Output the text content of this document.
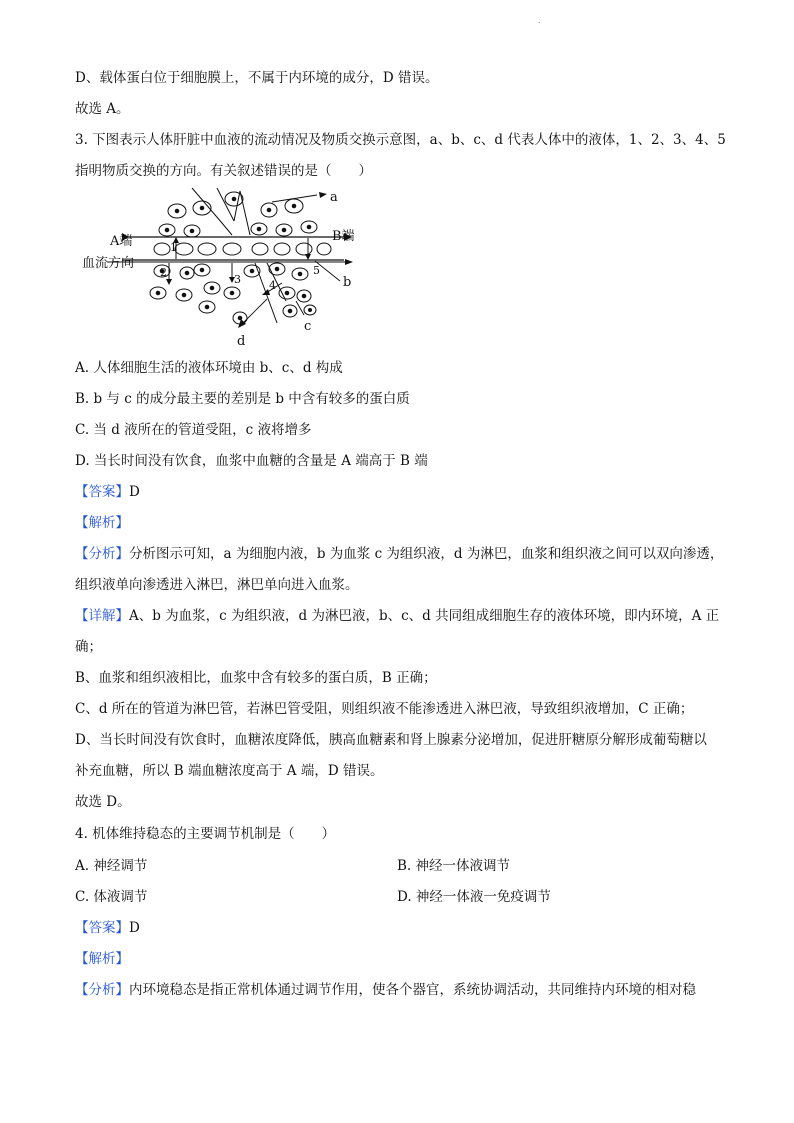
.

D、载体蛋白位于细胞膜上，不属于内环境的成分，D 错误。

故选 A。

3. 下图表示人体肝脏中血液的流动情况及物质交换示意图，a、b、c、d 代表人体中的液体，1、2、3、4、5

指明物质交换的方向。有关叙述错误的是（　　）

A端	B端
血流方向
a
b
c
d
1
2
3	4
5

A. 人体细胞生活的液体环境由 b、c、d 构成

B. b 与 c 的成分最主要的差别是 b 中含有较多的蛋白质

C. 当 d 液所在的管道受阻，c 液将增多

D. 当长时间没有饮食，血浆中血糖的含量是 A 端高于 B 端

【答案】D

【解析】

【分析】分析图示可知，a 为细胞内液，b 为血浆 c 为组织液，d 为淋巴，血浆和组织液之间可以双向渗透，

组织液单向渗透进入淋巴，淋巴单向进入血浆。

【详解】A、b 为血浆，c 为组织液，d 为淋巴液，b、c、d 共同组成细胞生存的液体环境，即内环境，A 正

确；

B、血浆和组织液相比，血浆中含有较多的蛋白质，B 正确；

C、d 所在的管道为淋巴管，若淋巴管受阻，则组织液不能渗透进入淋巴液，导致组织液增加，C 正确；

D、当长时间没有饮食时，血糖浓度降低，胰高血糖素和肾上腺素分泌增加，促进肝糖原分解形成葡萄糖以

补充血糖，所以 B 端血糖浓度高于 A 端，D 错误。

故选 D。

4. 机体维持稳态的主要调节机制是（　　）

A. 神经调节	B. 神经一体液调节
C. 体液调节	D. 神经一体液一免疫调节

【答案】D

【解析】

【分析】内环境稳态是指正常机体通过调节作用，使各个器官，系统协调活动，共同维持内环境的相对稳
